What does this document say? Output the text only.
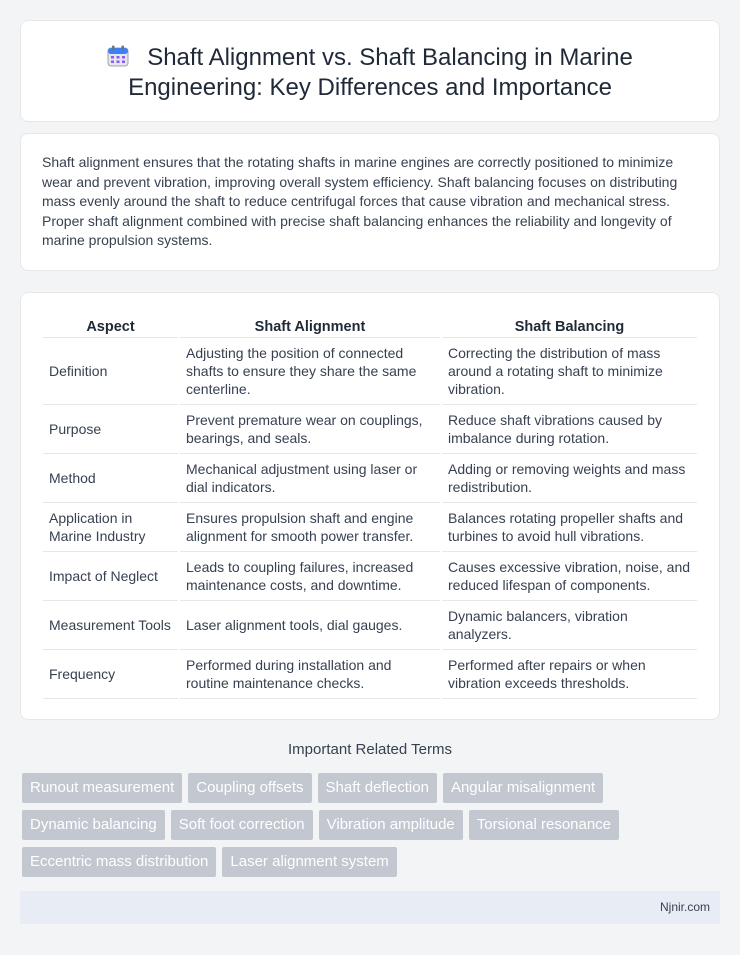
Shaft Alignment vs. Shaft Balancing in Marine Engineering: Key Differences and Importance

Shaft alignment ensures that the rotating shafts in marine engines are correctly positioned to minimize wear and prevent vibration, improving overall system efficiency. Shaft balancing focuses on distributing mass evenly around the shaft to reduce centrifugal forces that cause vibration and mechanical stress. Proper shaft alignment combined with precise shaft balancing enhances the reliability and longevity of marine propulsion systems.

Aspect	Shaft Alignment	Shaft Balancing
Definition	Adjusting the position of connected shafts to ensure they share the same centerline.	Correcting the distribution of mass around a rotating shaft to minimize vibration.
Purpose	Prevent premature wear on couplings, bearings, and seals.	Reduce shaft vibrations caused by imbalance during rotation.
Method	Mechanical adjustment using laser or dial indicators.	Adding or removing weights and mass redistribution.
Application in Marine Industry	Ensures propulsion shaft and engine alignment for smooth power transfer.	Balances rotating propeller shafts and turbines to avoid hull vibrations.
Impact of Neglect	Leads to coupling failures, increased maintenance costs, and downtime.	Causes excessive vibration, noise, and reduced lifespan of components.
Measurement Tools	Laser alignment tools, dial gauges.	Dynamic balancers, vibration analyzers.
Frequency	Performed during installation and routine maintenance checks.	Performed after repairs or when vibration exceeds thresholds.
Important Related Terms
Runout measurement	Coupling offsets	Shaft deflection	Angular misalignment
Dynamic balancing	Soft foot correction	Vibration amplitude	Torsional resonance
Eccentric mass distribution	Laser alignment system
Njnir.com
